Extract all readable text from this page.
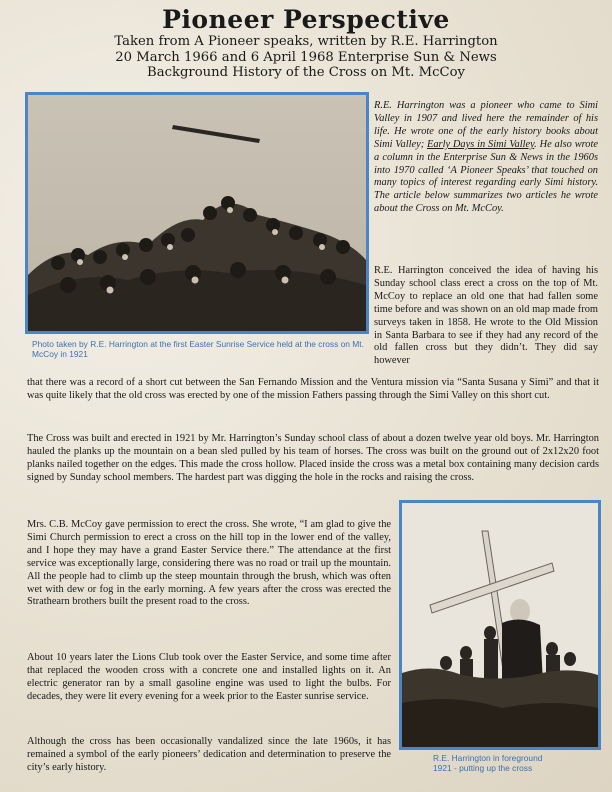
Pioneer Perspective
Taken from A Pioneer speaks, written by R.E. Harrington
20 March 1966 and 6 April 1968 Enterprise Sun & News
Background History of the Cross on Mt. McCoy
Photo taken by R.E. Harrington at the first Easter Sunrise Service held at the cross on Mt. McCoy in 1921

R.E. Harrington was a pioneer who came to Simi Valley in 1907 and lived here the remainder of his life. He wrote one of the early history books about Simi Valley; Early Days in Simi Valley. He also wrote a column in the Enterprise Sun & News in the 1960s into 1970 called ‘A Pioneer Speaks’ that touched on many topics of interest regarding early Simi history. The article below summarizes two articles he wrote about the Cross on Mt. McCoy.

R.E. Harrington conceived the idea of having his Sunday school class erect a cross on the top of Mt. McCoy to replace an old one that had fallen some time before and was shown on an old map made from surveys taken in 1858. He wrote to the Old Mission in Santa Barbara to see if they had any record of the old fallen cross but they didn’t. They did say however

that there was a record of a short cut between the San Fernando Mission and the Ventura mission via “Santa Susana y Simi” and that it was quite likely that the old cross was erected by one of the mission Fathers passing through the Simi Valley on this short cut.

The Cross was built and erected in 1921 by Mr. Harrington’s Sunday school class of about a dozen twelve year old boys. Mr. Harrington hauled the planks up the mountain on a bean sled pulled by his team of horses. The cross was built on the ground out of 2x12x20 foot planks nailed together on the edges. This made the cross hollow. Placed inside the cross was a metal box containing many decision cards signed by Sunday school members. The hardest part was digging the hole in the rocks and raising the cross.

Mrs. C.B. McCoy gave permission to erect the cross. She wrote, “I am glad to give the Simi Church permission to erect a cross on the hill top in the lower end of the valley, and I hope they may have a grand Easter Service there.” The attendance at the first service was exceptionally large, considering there was no road or trail up the mountain. All the people had to climb up the steep mountain through the brush, which was often wet with dew or fog in the early morning. A few years after the cross was erected the Strathearn brothers built the present road to the cross.

About 10 years later the Lions Club took over the Easter Service, and some time after that replaced the wooden cross with a concrete one and installed lights on it. An electric generator ran by a small gasoline engine was used to light the bulbs. For decades, they were lit every evening for a week prior to the Easter sunrise service.

Although the cross has been occasionally vandalized since the late 1960s, it has remained a symbol of the early pioneers’ dedication and determination to preserve the city’s early history.

R.E. Harrington in foreground
1921 - putting up the cross
